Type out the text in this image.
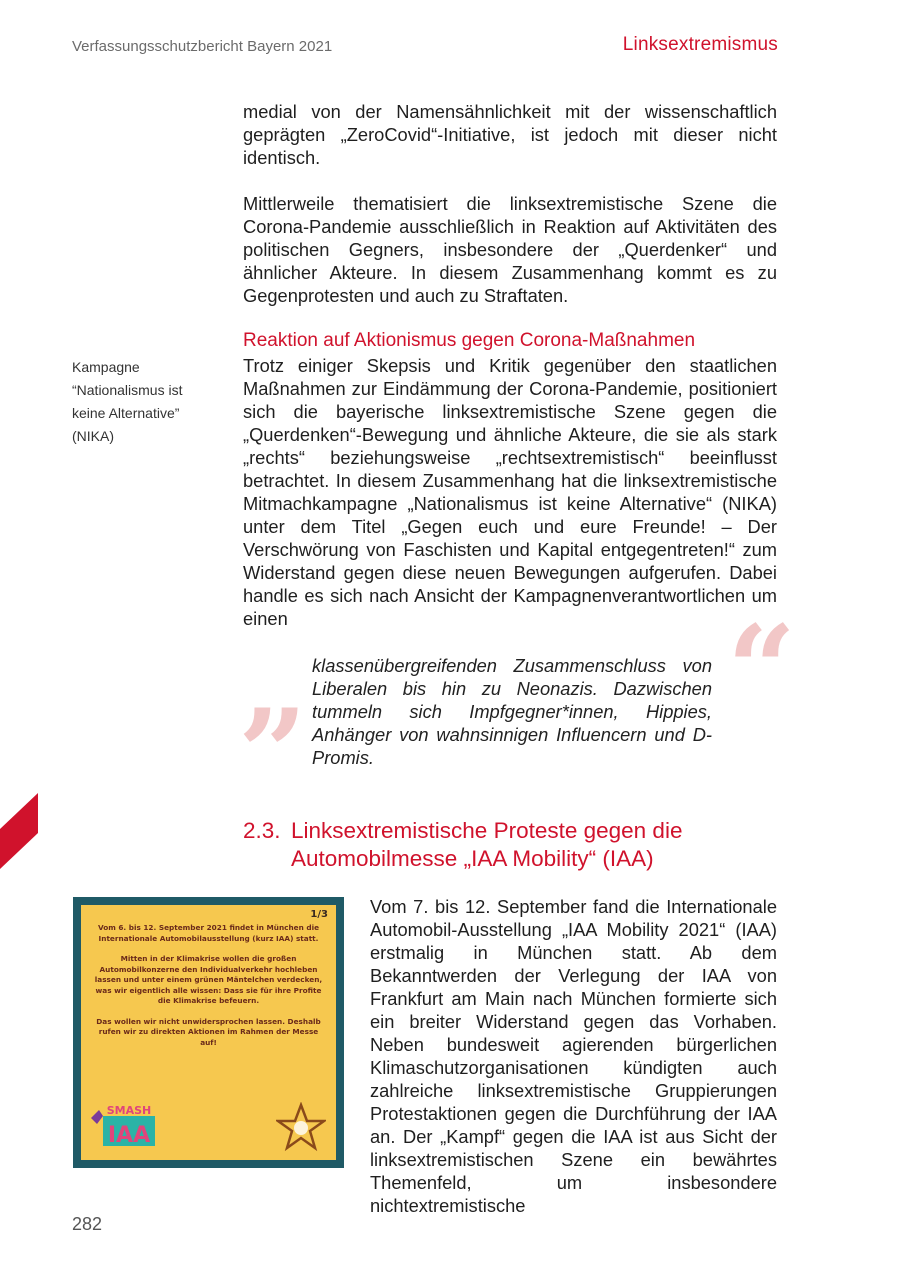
Verfassungsschutzbericht Bayern 2021	Linksextremismus
medial von der Namensähnlichkeit mit der wissenschaftlich geprägten „ZeroCovid“-Initiative, ist jedoch mit dieser nicht identisch.
Mittlerweile thematisiert die linksextremistische Szene die Corona-Pandemie ausschließlich in Reaktion auf Aktivitäten des politischen Gegners, insbesondere der „Querdenker“ und ähnlicher Akteure. In diesem Zusammenhang kommt es zu Gegenprotesten und auch zu Straftaten.
Reaktion auf Aktionismus gegen Corona-Maßnahmen
Kampagne
“Nationalismus ist
keine Alternative”
(NIKA)
Trotz einiger Skepsis und Kritik gegenüber den staatlichen Maßnahmen zur Eindämmung der Corona-Pandemie, positioniert sich die bayerische linksextremistische Szene gegen die „Querdenken“-Bewegung und ähnliche Akteure, die sie als stark „rechts“ beziehungsweise „rechtsextremistisch“ beeinflusst betrachtet. In diesem Zusammenhang hat die linksextremistische Mitmachkampagne „Nationalismus ist keine Alternative“ (NIKA) unter dem Titel „Gegen euch und eure Freunde! – Der Verschwörung von Faschisten und Kapital entgegentreten!“ zum Widerstand gegen diese neuen Bewegungen aufgerufen. Dabei handle es sich nach Ansicht der Kampagnenverantwortlichen um einen	“
klassenübergreifenden Zusammenschluss von Liberalen bis hin zu Neonazis. Dazwischen tummeln sich Impfgegner*innen, Hippies, Anhänger von wahnsinnigen Influencern und D-Promis.
”
2.3. Linksextremistische Proteste gegen die
Automobilmesse „IAA Mobility“ (IAA)
1/3

Vom 6. bis 12. September 2021 findet in München die Internationale Automobilausstellung (kurz IAA) statt.

Mitten in der Klimakrise wollen die großen Automobilkonzerne den Individualverkehr hochleben lassen und unter einem grünen Mäntelchen verdecken, was wir eigentlich alle wissen: Dass sie für ihre Profite die Klimakrise befeuern.

Das wollen wir nicht unwidersprochen lassen. Deshalb rufen wir zu direkten Aktionen im Rahmen der Messe auf!

SMASH
IAA
Vom 7. bis 12. September fand die Internationale Automobil-Ausstellung „IAA Mobility 2021“ (IAA) erstmalig in München statt. Ab dem Bekanntwerden der Verlegung der IAA von Frankfurt am Main nach München formierte sich ein breiter Widerstand gegen das Vorhaben. Neben bundesweit agierenden bürgerlichen Klimaschutzorganisationen kündigten auch zahlreiche linksextremistische Gruppierungen Protestaktionen gegen die Durchführung der IAA an. Der „Kampf“ gegen die IAA ist aus Sicht der linksextremistischen Szene ein bewährtes Themenfeld, um insbesondere nichtextremistische
282
